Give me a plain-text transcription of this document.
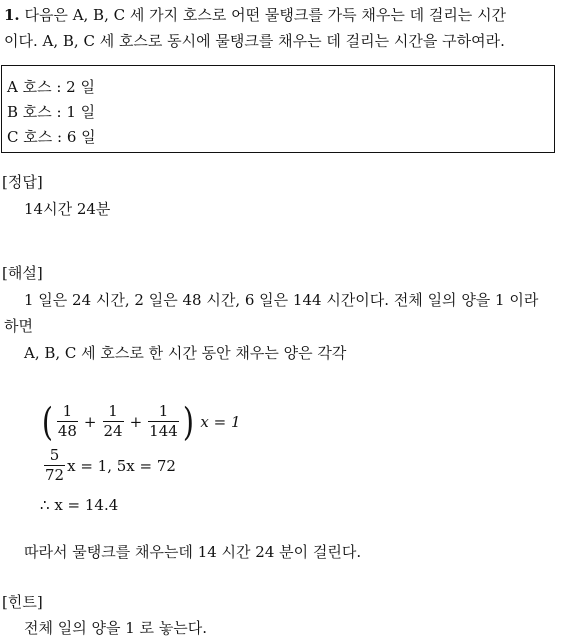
1. 다음은 A, B, C 세 가지 호스로 어떤 물탱크를 가득 채우는 데 걸리는 시간
이다. A, B, C 세 호스로 동시에 물탱크를 채우는 데 걸리는 시간을 구하여라.
A 호스 : 2 일
B 호스 : 1 일
C 호스 : 6 일
[정답]
14시간 24분
[해설]
1 일은 24 시간, 2 일은 48 시간, 6 일은 144 시간이다. 전체 일의 양을 1 이라
하면
A, B, C 세 호스로 한 시간 동안 채우는 양은 각각
( $\frac{1}{48} + \frac{1}{24} + \frac{1}{144}$ ) x = 1
$\frac{5}{72}$ x = 1, 5x = 72
∴ x = 14.4
따라서 물탱크를 채우는데 14 시간 24 분이 걸린다.
[힌트]
전체 일의 양을 1 로 놓는다.
